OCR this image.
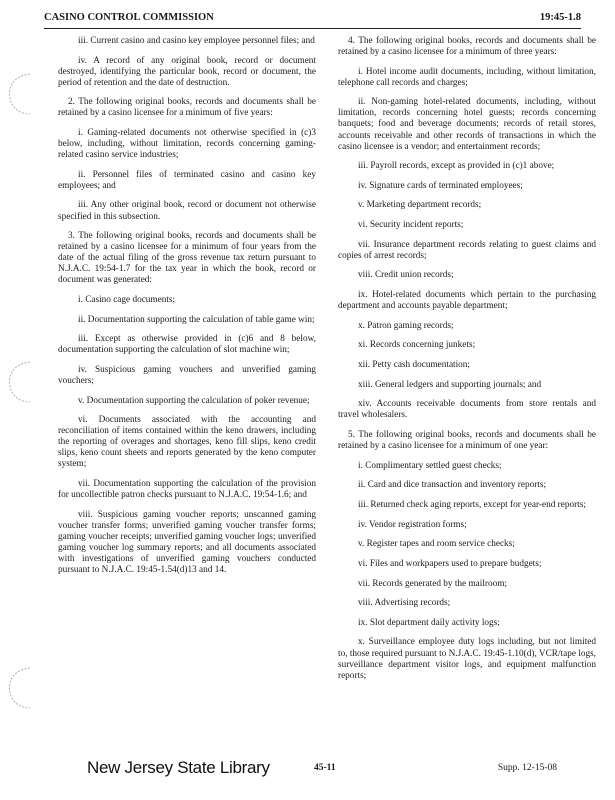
CASINO CONTROL COMMISSION	19:45-1.8

iii. Current casino and casino key employee personnel files; and

iv. A record of any original book, record or document destroyed, identifying the particular book, record or document, the period of retention and the date of destruction.

2. The following original books, records and documents shall be retained by a casino licensee for a minimum of five years:

i. Gaming-related documents not otherwise specified in (c)3 below, including, without limitation, records concerning gaming-related casino service industries;

ii. Personnel files of terminated casino and casino key employees; and

iii. Any other original book, record or document not otherwise specified in this subsection.

3. The following original books, records and documents shall be retained by a casino licensee for a minimum of four years from the date of the actual filing of the gross revenue tax return pursuant to N.J.A.C. 19:54-1.7 for the tax year in which the book, record or document was generated:

i. Casino cage documents;

ii. Documentation supporting the calculation of table game win;

iii. Except as otherwise provided in (c)6 and 8 below, documentation supporting the calculation of slot machine win;

iv. Suspicious gaming vouchers and unverified gaming vouchers;

v. Documentation supporting the calculation of poker revenue;

vi. Documents associated with the accounting and reconciliation of items contained within the keno drawers, including the reporting of overages and shortages, keno fill slips, keno credit slips, keno count sheets and reports generated by the keno computer system;

vii. Documentation supporting the calculation of the provision for uncollectible patron checks pursuant to N.J.A.C. 19:54-1.6; and

viii. Suspicious gaming voucher reports; unscanned gaming voucher transfer forms; unverified gaming voucher transfer forms; gaming voucher receipts; unverified gaming voucher logs; unverified gaming voucher log summary reports; and all documents associated with investigations of unverified gaming vouchers conducted pursuant to N.J.A.C. 19:45-1.54(d)13 and 14.

4. The following original books, records and documents shall be retained by a casino licensee for a minimum of three years:

i. Hotel income audit documents, including, without limitation, telephone call records and charges;

ii. Non-gaming hotel-related documents, including, without limitation, records concerning hotel guests; records concerning banquets; food and beverage documents; records of retail stores, accounts receivable and other records of transactions in which the casino licensee is a vendor; and entertainment records;

iii. Payroll records, except as provided in (c)1 above;

iv. Signature cards of terminated employees;

v. Marketing department records;

vi. Security incident reports;

vii. Insurance department records relating to guest claims and copies of arrest records;

viii. Credit union records;

ix. Hotel-related documents which pertain to the purchasing department and accounts payable department;

x. Patron gaming records;

xi. Records concerning junkets;

xii. Petty cash documentation;

xiii. General ledgers and supporting journals; and

xiv. Accounts receivable documents from store rentals and travel wholesalers.

5. The following original books, records and documents shall be retained by a casino licensee for a minimum of one year:

i. Complimentary settled guest checks;

ii. Card and dice transaction and inventory reports;

iii. Returned check aging reports, except for year-end reports;

iv. Vendor registration forms;

v. Register tapes and room service checks;

vi. Files and workpapers used to prepare budgets;

vii. Records generated by the mailroom;

viii. Advertising records;

ix. Slot department daily activity logs;

x. Surveillance employee duty logs including, but not limited to, those required pursuant to N.J.A.C. 19:45-1.10(d), VCR/tape logs, surveillance department visitor logs, and equipment malfunction reports;

New Jersey State Library	45-11	Supp. 12-15-08
